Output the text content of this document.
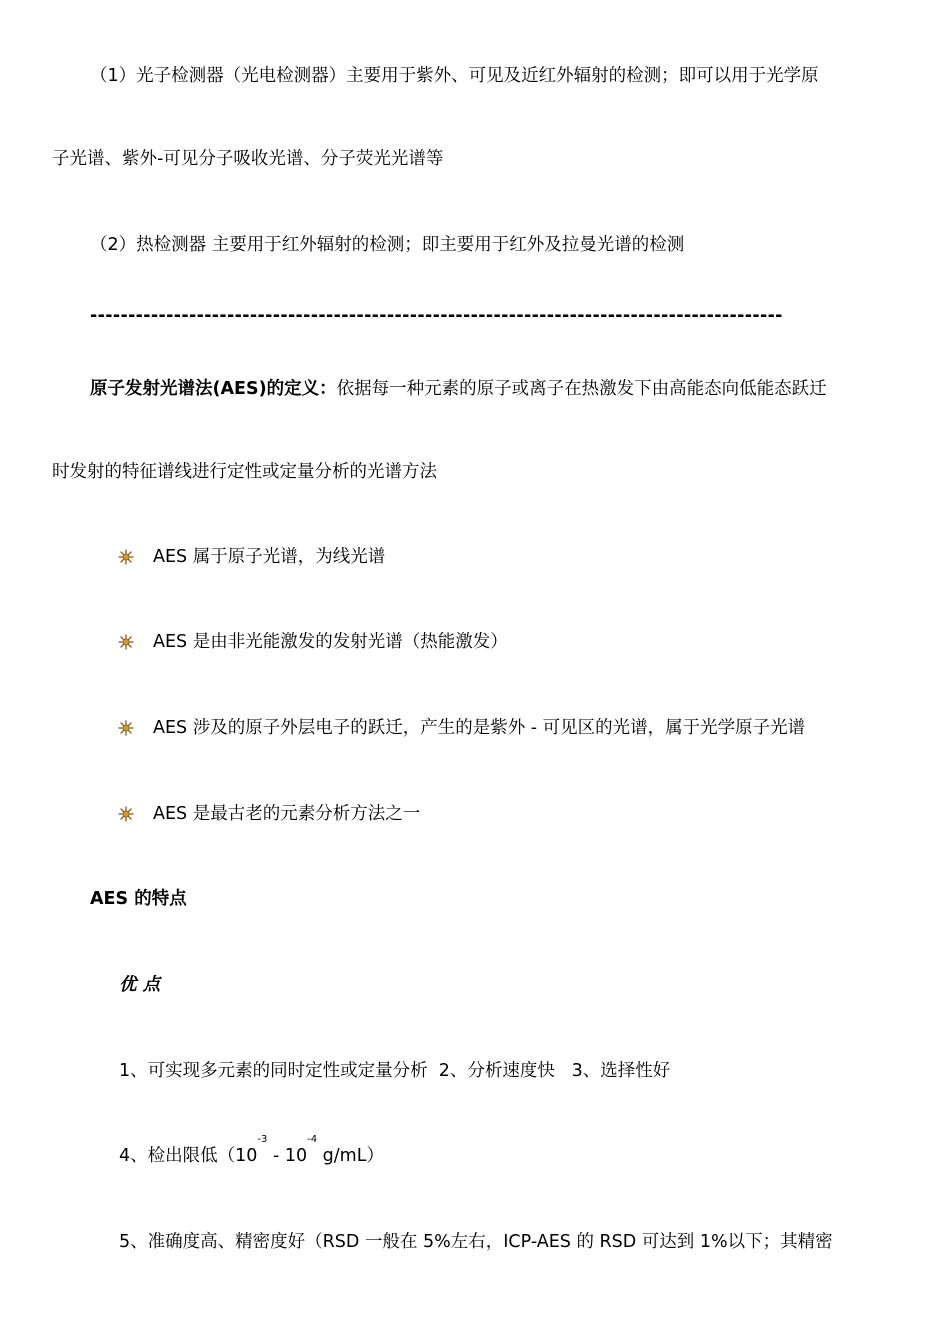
（1）光子检测器（光电检测器）主要用于紫外、可见及近红外辐射的检测；即可以用于光学原
子光谱、紫外-可见分子吸收光谱、分子荧光光谱等
（2）热检测器 主要用于红外辐射的检测；即主要用于红外及拉曼光谱的检测
-------------------------------------------------------------------------------------------
原子发射光谱法(AES)的定义：依据每一种元素的原子或离子在热激发下由高能态向低能态跃迁
时发射的特征谱线进行定性或定量分析的光谱方法
AES 属于原子光谱，为线光谱
AES 是由非光能激发的发射光谱（热能激发）
AES 涉及的原子外层电子的跃迁，产生的是紫外 - 可见区的光谱，属于光学原子光谱
AES 是最古老的元素分析方法之一
AES 的特点
优 点
1、可实现多元素的同时定性或定量分析  2、分析速度快   3、选择性好
4、检出限低（$10^{-3} - 10^{-4}$ g/mL）
5、准确度高、精密度好（RSD 一般在 5%左右，ICP-AES 的 RSD 可达到 1%以下；其精密
